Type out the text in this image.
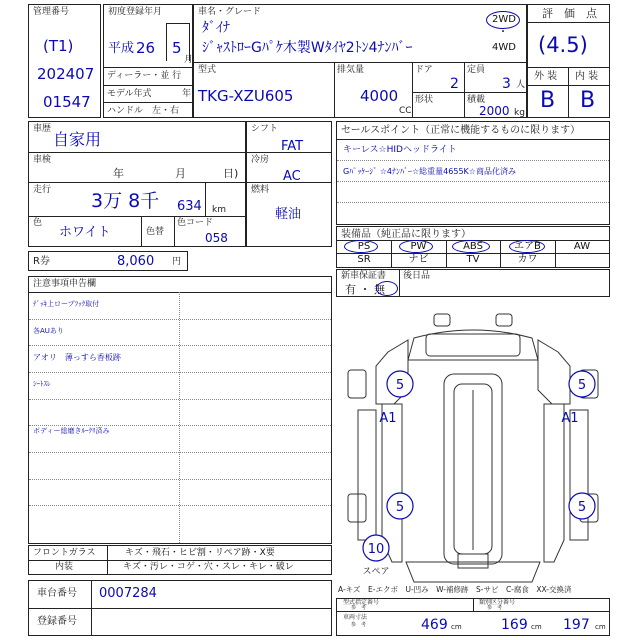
管理番号
(T1)
202407
01547
初度登録年月
平成 26 5
月
ディーラー・並 行
モデル年式	年
ハンドル　左・右
車名・グレード
ﾀﾞｲﾅ
ｼﾞｬｽﾄﾛｰGﾊﾟｹ木製Wﾀｲﾔ2ﾄﾝ4ﾅﾝﾊﾞｰ
2WD
・
4WD
型式
TKG-XZU605
排気量
4000
CC
ドア
2
定員
3 人
形状	積載
2000 kg
評　価　点
(4.5)
外 装 内 装
B B
車歴
自家用
車検
年	月	日)
走行 3万 8千 634 km
色
ホワイト	色替
色コード
058
シフト
FAT
冷房
AC
燃料
軽油
セールスポイント（正常に機能するものに限ります）
キーレス☆HIDヘッドライト
Gﾊﾟｯｹｰｼﾞ ☆4ﾅﾝﾊﾞｰ☆総重量4655K☆商品化済み
装備品（純正品に限ります）
PS	PW	ABS	エアB	AW
SR	ナビ	TV	カワ
R券	8,060 円
新車保証書
有 ・ 無
後日品
注意事項申告欄
ﾃﾞｯｷ上ロープﾌｯｸ取付
各AUあり
アオリ　薄っすら香板跡
ｼｰﾄｽﾚ
ボディー総磨きﾙｰｸﾘ済み
フロントガラス	キズ・飛石・ヒビ割・リペア跡・X要
内装	キズ・汚レ・コゲ・穴・スレ・キレ・破レ
車台番号 0007284
登録番号
5	5
A1	A1
5	5
10
スペア
A-キズ　E-エクボ　U-凹み　W-補修跡　S-サビ　C-腐食　XX-交換済
型式指定番号
参　考
類別区分番号
参　考
車両寸法
参　考	469 cm	169 cm 197 cm
